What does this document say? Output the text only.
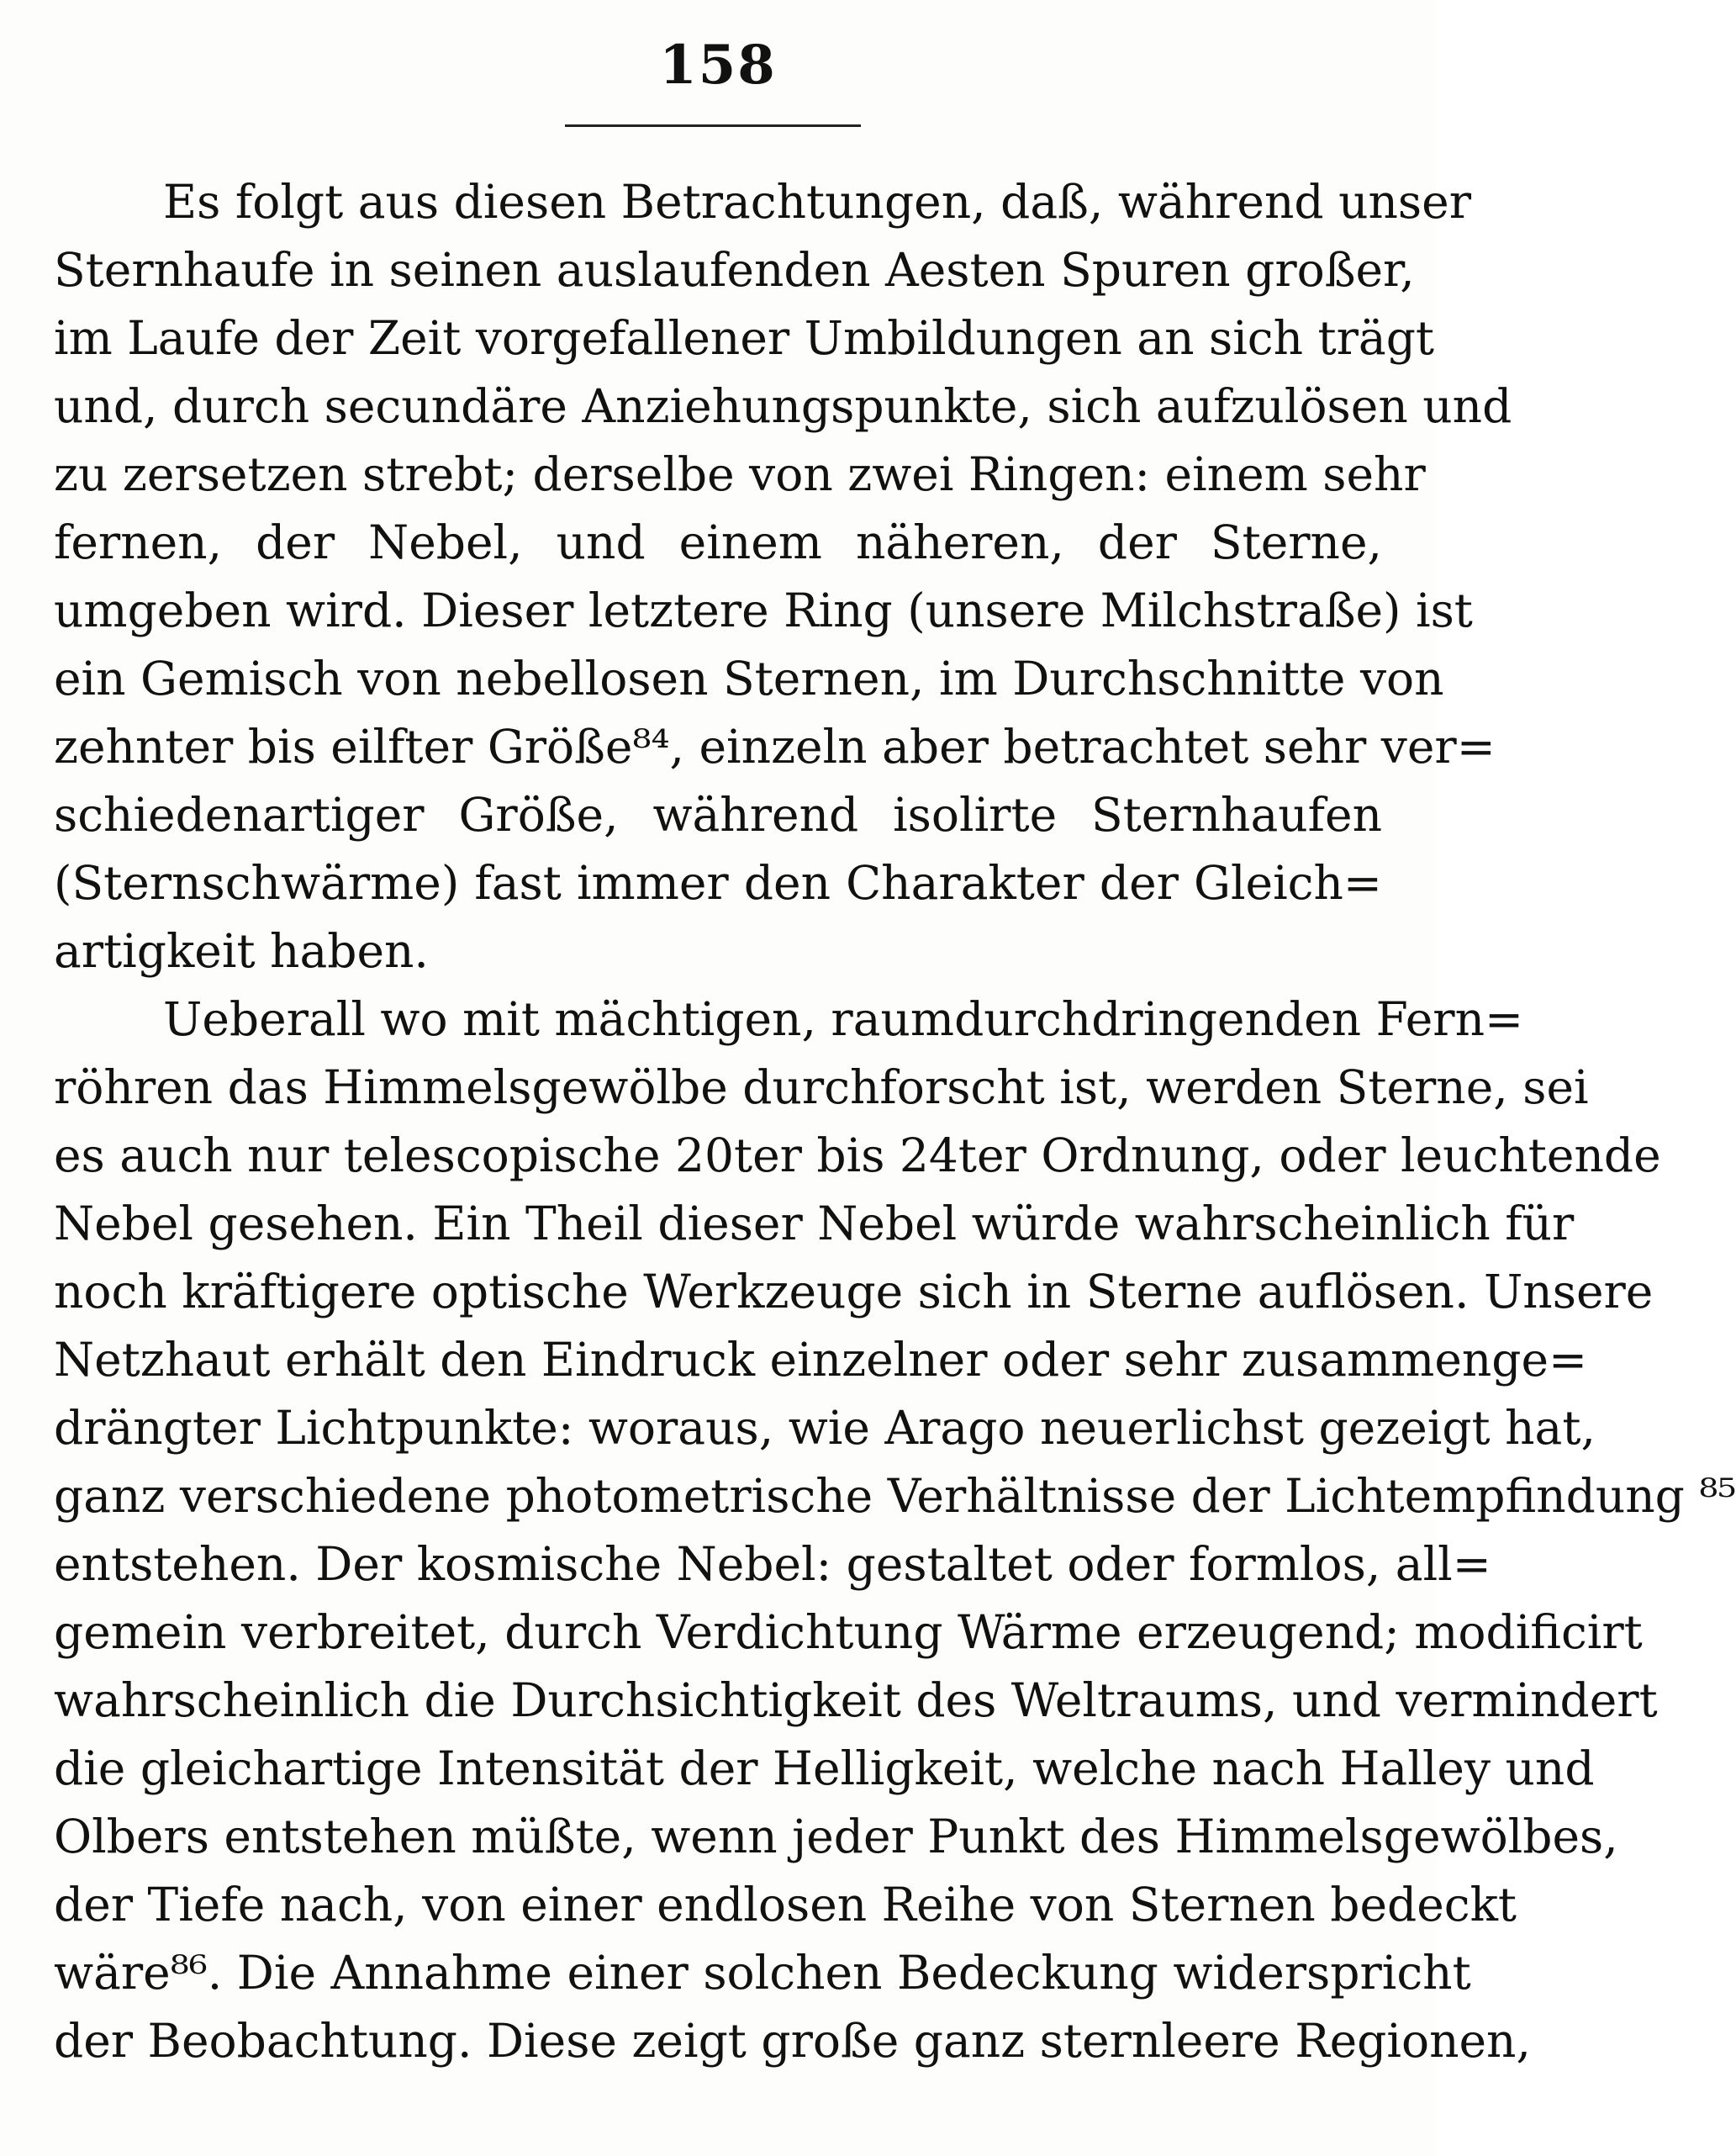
158
Es folgt aus diesen Betrachtungen, daß, während unser
Sternhaufe in seinen auslaufenden Aesten Spuren großer,
im Laufe der Zeit vorgefallener Umbildungen an sich trägt
und, durch secundäre Anziehungspunkte, sich aufzulösen und
zu zersetzen strebt; derselbe von zwei Ringen: einem sehr
fernen, der Nebel, und einem näheren, der Sterne,
umgeben wird. Dieser letztere Ring (unsere Milchstraße) ist
ein Gemisch von nebellosen Sternen, im Durchschnitte von
zehnter bis eilfter Größe⁸⁴, einzeln aber betrachtet sehr ver=
schiedenartiger Größe, während isolirte Sternhaufen
(Sternschwärme) fast immer den Charakter der Gleich=
artigkeit haben.
Ueberall wo mit mächtigen, raumdurchdringenden Fern=
röhren das Himmelsgewölbe durchforscht ist, werden Sterne, sei
es auch nur telescopische 20ter bis 24ter Ordnung, oder leuchtende
Nebel gesehen. Ein Theil dieser Nebel würde wahrscheinlich für
noch kräftigere optische Werkzeuge sich in Sterne auflösen. Unsere
Netzhaut erhält den Eindruck einzelner oder sehr zusammenge=
drängter Lichtpunkte: woraus, wie Arago neuerlichst gezeigt hat,
ganz verschiedene photometrische Verhältnisse der Lichtempfindung ⁸⁵
entstehen. Der kosmische Nebel: gestaltet oder formlos, all=
gemein verbreitet, durch Verdichtung Wärme erzeugend; modificirt
wahrscheinlich die Durchsichtigkeit des Weltraums, und vermindert
die gleichartige Intensität der Helligkeit, welche nach Halley und
Olbers entstehen müßte, wenn jeder Punkt des Himmelsgewölbes,
der Tiefe nach, von einer endlosen Reihe von Sternen bedeckt
wäre⁸⁶. Die Annahme einer solchen Bedeckung widerspricht
der Beobachtung. Diese zeigt große ganz sternleere Regionen,
